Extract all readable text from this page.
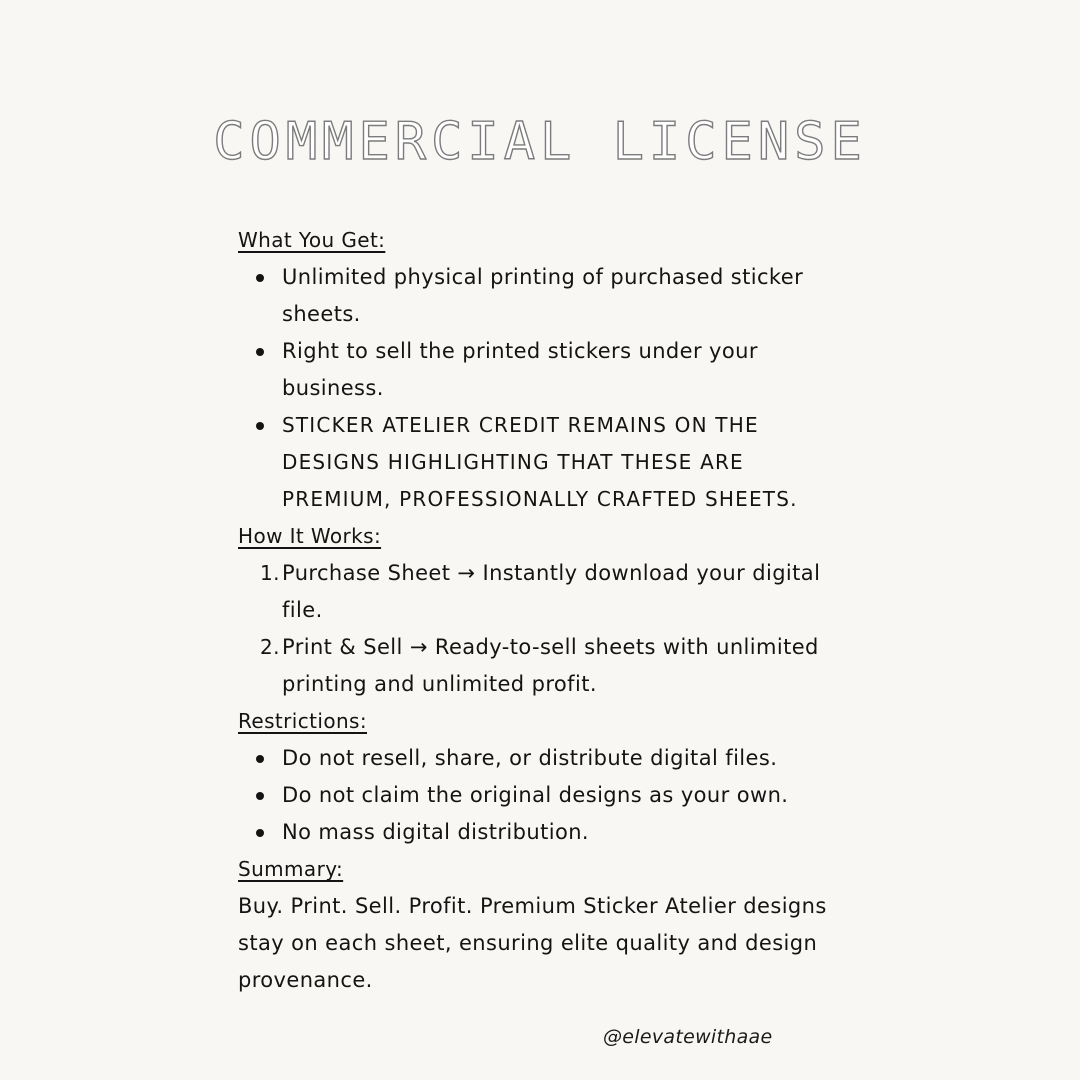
COMMERCIAL LICENSE
What You Get:
Unlimited physical printing of purchased sticker sheets.
Right to sell the printed stickers under your business.
STICKER ATELIER CREDIT REMAINS ON THE DESIGNS HIGHLIGHTING THAT THESE ARE PREMIUM, PROFESSIONALLY CRAFTED SHEETS.
How It Works:
1. Purchase Sheet → Instantly download your digital file.
2. Print & Sell → Ready-to-sell sheets with unlimited printing and unlimited profit.
Restrictions:
Do not resell, share, or distribute digital files.
Do not claim the original designs as your own.
No mass digital distribution.
Summary:

Buy. Print. Sell. Profit. Premium Sticker Atelier designs stay on each sheet, ensuring elite quality and design provenance.

@elevatewithaae
